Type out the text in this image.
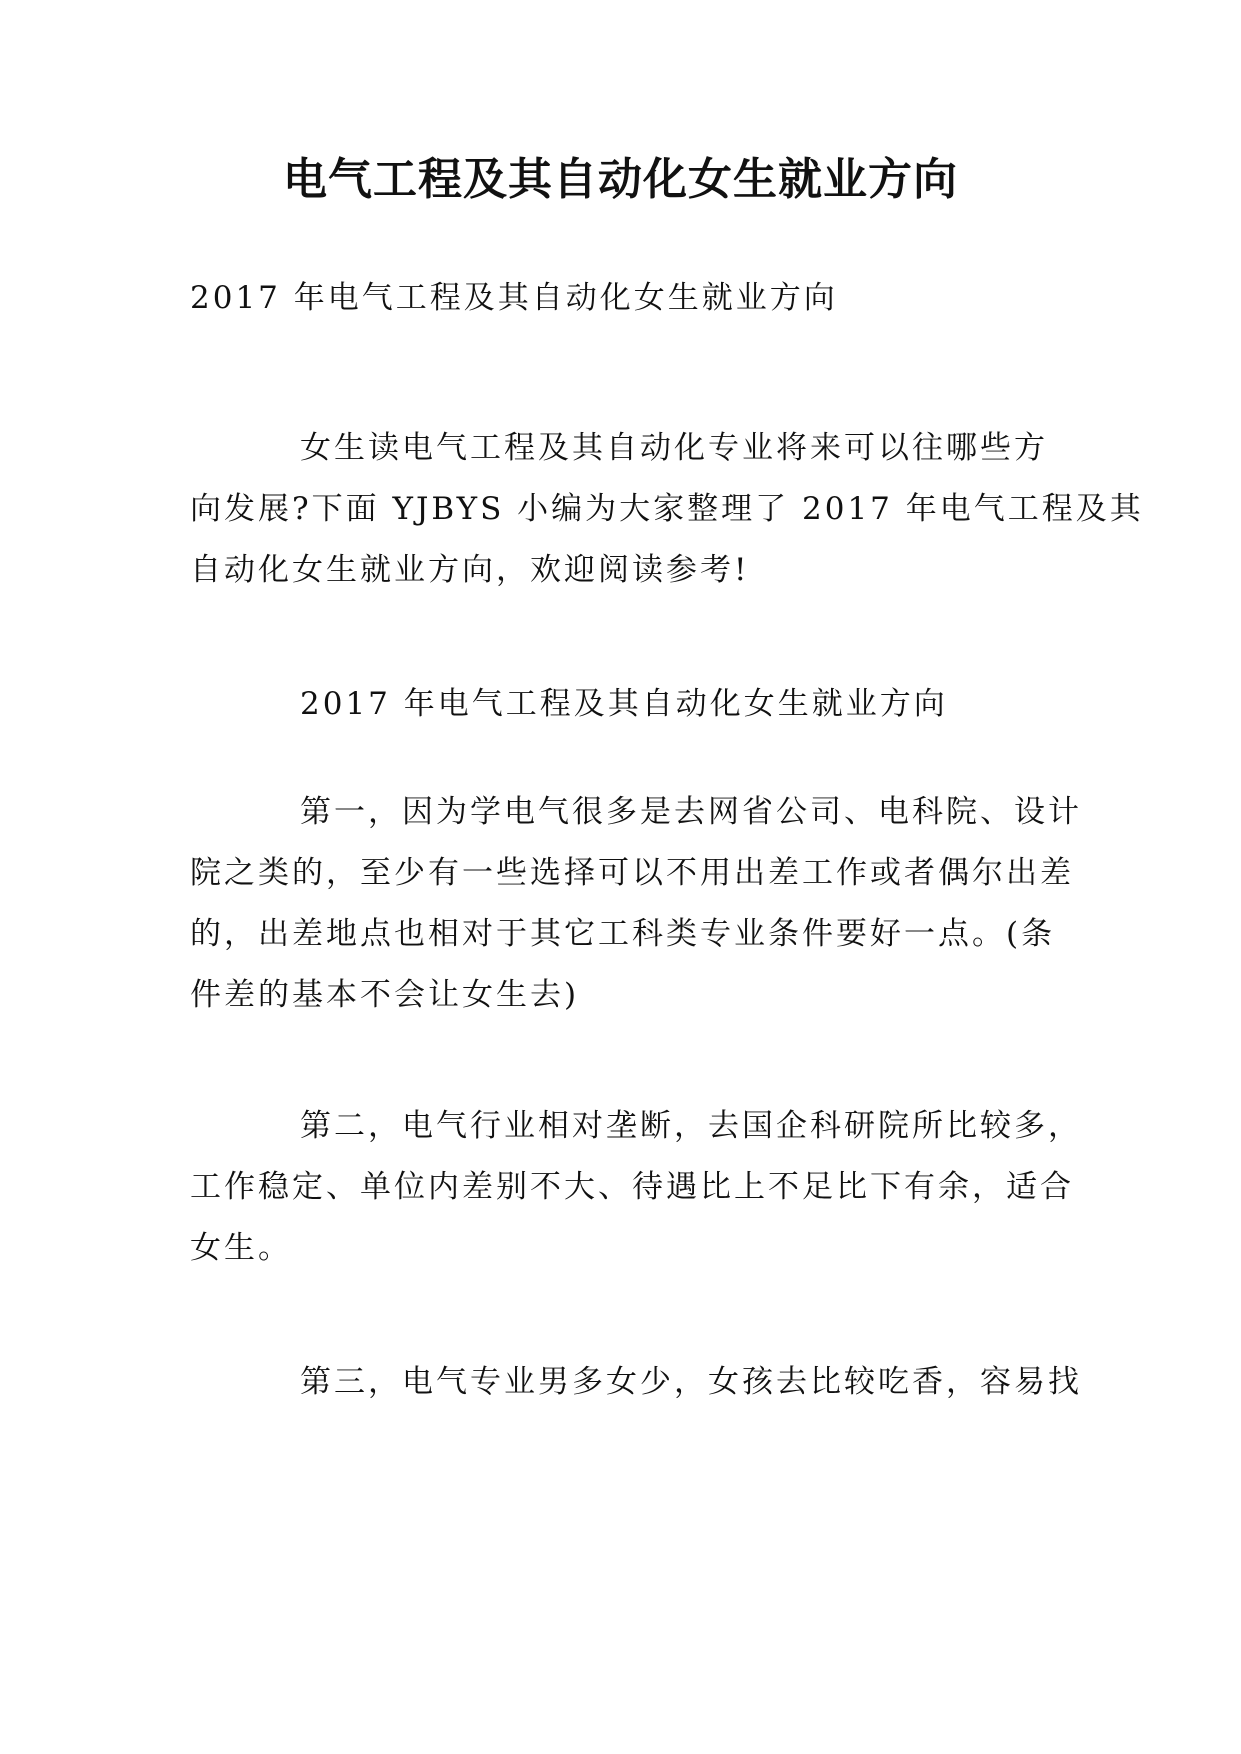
电气工程及其自动化女生就业方向
2017 年电气工程及其自动化女生就业方向
女生读电气工程及其自动化专业将来可以往哪些方
向发展?下面 YJBYS 小编为大家整理了 2017 年电气工程及其
自动化女生就业方向，欢迎阅读参考!
2017 年电气工程及其自动化女生就业方向
第一，因为学电气很多是去网省公司、电科院、设计
院之类的，至少有一些选择可以不用出差工作或者偶尔出差
的，出差地点也相对于其它工科类专业条件要好一点。(条
件差的基本不会让女生去)
第二，电气行业相对垄断，去国企科研院所比较多，
工作稳定、单位内差别不大、待遇比上不足比下有余，适合
女生。
第三，电气专业男多女少，女孩去比较吃香，容易找
